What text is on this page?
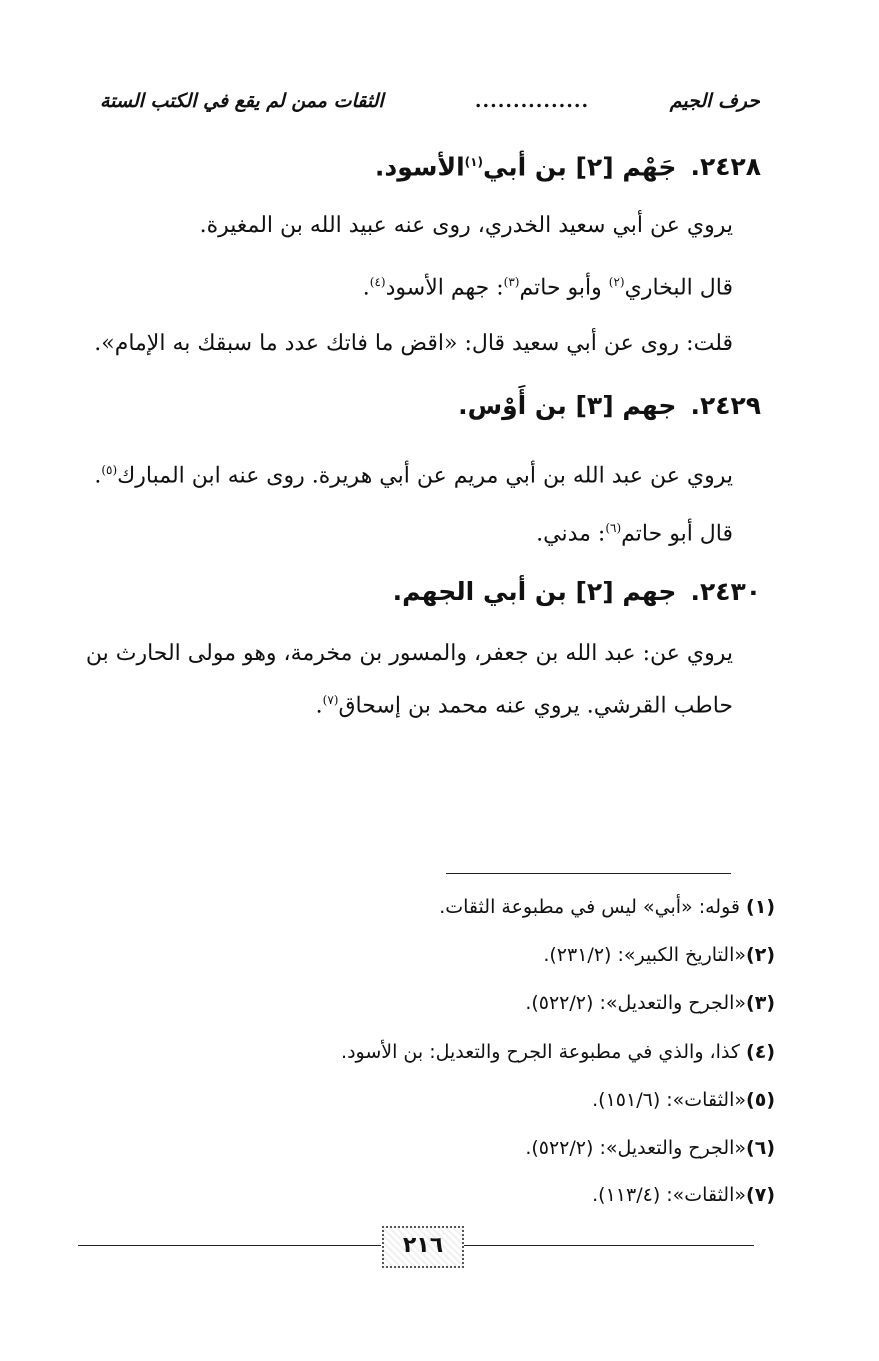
حرف الجيم
...............
الثقات ممن لم يقع في الكتب الستة
٢٤٢٨.جَهْم [٢] بن أبي$^{(١)}$الأسود.
يروي عن أبي سعيد الخدري، روى عنه عبيد الله بن المغيرة.
قال البخاري$^{(٢)}$ وأبو حاتم$^{(٣)}$: جهم الأسود$^{(٤)}$.
قلت: روى عن أبي سعيد قال: «اقض ما فاتك عدد ما سبقك به الإمام».
٢٤٢٩.جهم [٣] بن أَوْس.
يروي عن عبد الله بن أبي مريم عن أبي هريرة. روى عنه ابن المبارك$^{(٥)}$.
قال أبو حاتم$^{(٦)}$: مدني.
٢٤٣٠.جهم [٢] بن أبي الجهم.
يروي عن: عبد الله بن جعفر، والمسور بن مخرمة، وهو مولى الحارث بن
حاطب القرشي. يروي عنه محمد بن إسحاق$^{(٧)}$.
(١) قوله: «أبي» ليس في مطبوعة الثقات.
(٢)«التاريخ الكبير»: (٢٣١/٢).
(٣)«الجرح والتعديل»: (٥٢٢/٢).
(٤) كذا، والذي في مطبوعة الجرح والتعديل: بن الأسود.
(٥)«الثقات»: (١٥١/٦).
(٦)«الجرح والتعديل»: (٥٢٢/٢).
(٧)«الثقات»: (١١٣/٤).
٢١٦
